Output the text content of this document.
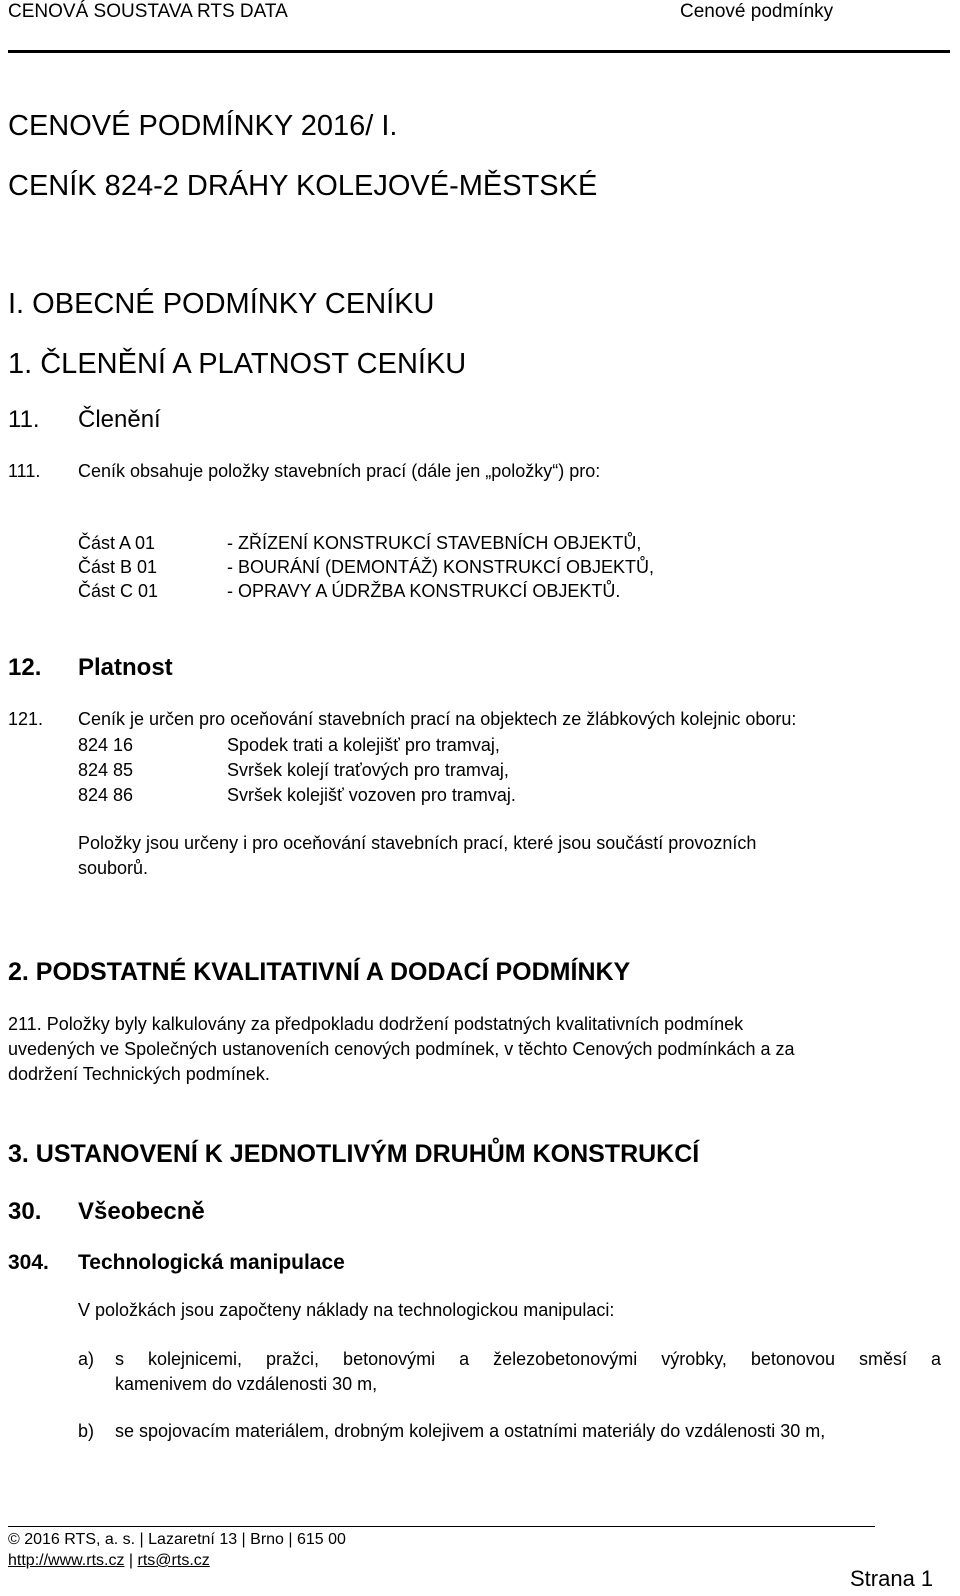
CENOVÁ SOUSTAVA RTS DATA	Cenové podmínky
CENOVÉ PODMÍNKY 2016/ I.
CENÍK 824-2 DRÁHY KOLEJOVÉ-MĚSTSKÉ
I. OBECNÉ PODMÍNKY CENÍKU
1. ČLENĚNÍ A PLATNOST CENÍKU
11. Členění
111. Ceník obsahuje položky stavebních prací (dále jen „položky“) pro:
Část A 01	- ZŘÍZENÍ KONSTRUKCÍ STAVEBNÍCH OBJEKTŮ,
Část B 01	- BOURÁNÍ (DEMONTÁŽ) KONSTRUKCÍ OBJEKTŮ,
Část C 01	- OPRAVY A ÚDRŽBA KONSTRUKCÍ OBJEKTŮ.
12. Platnost
121. Ceník je určen pro oceňování stavebních prací na objektech ze žlábkových kolejnic oboru:
824 16	Spodek trati a kolejišť pro tramvaj,
824 85	Svršek kolejí traťových pro tramvaj,
824 86	Svršek kolejišť vozoven pro tramvaj.
Položky jsou určeny i pro oceňování stavebních prací, které jsou součástí provozních
souborů.
2. PODSTATNÉ KVALITATIVNÍ A DODACÍ PODMÍNKY
211. Položky byly kalkulovány za předpokladu dodržení podstatných kvalitativních podmínek
uvedených ve Společných ustanoveních cenových podmínek, v těchto Cenových podmínkách a za
dodržení Technických podmínek.
3. USTANOVENÍ K JEDNOTLIVÝM DRUHŮM KONSTRUKCÍ
30. Všeobecně
304. Technologická manipulace
V položkách jsou započteny náklady na technologickou manipulaci:
a) s kolejnicemi, pražci, betonovými a železobetonovými výrobky, betonovou směsí a
kamenivem do vzdálenosti 30 m,
b) se spojovacím materiálem, drobným kolejivem a ostatními materiály do vzdálenosti 30 m,
© 2016 RTS, a. s. | Lazaretní 13 | Brno | 615 00
http://www.rts.cz | rts@rts.cz
Strana 1
